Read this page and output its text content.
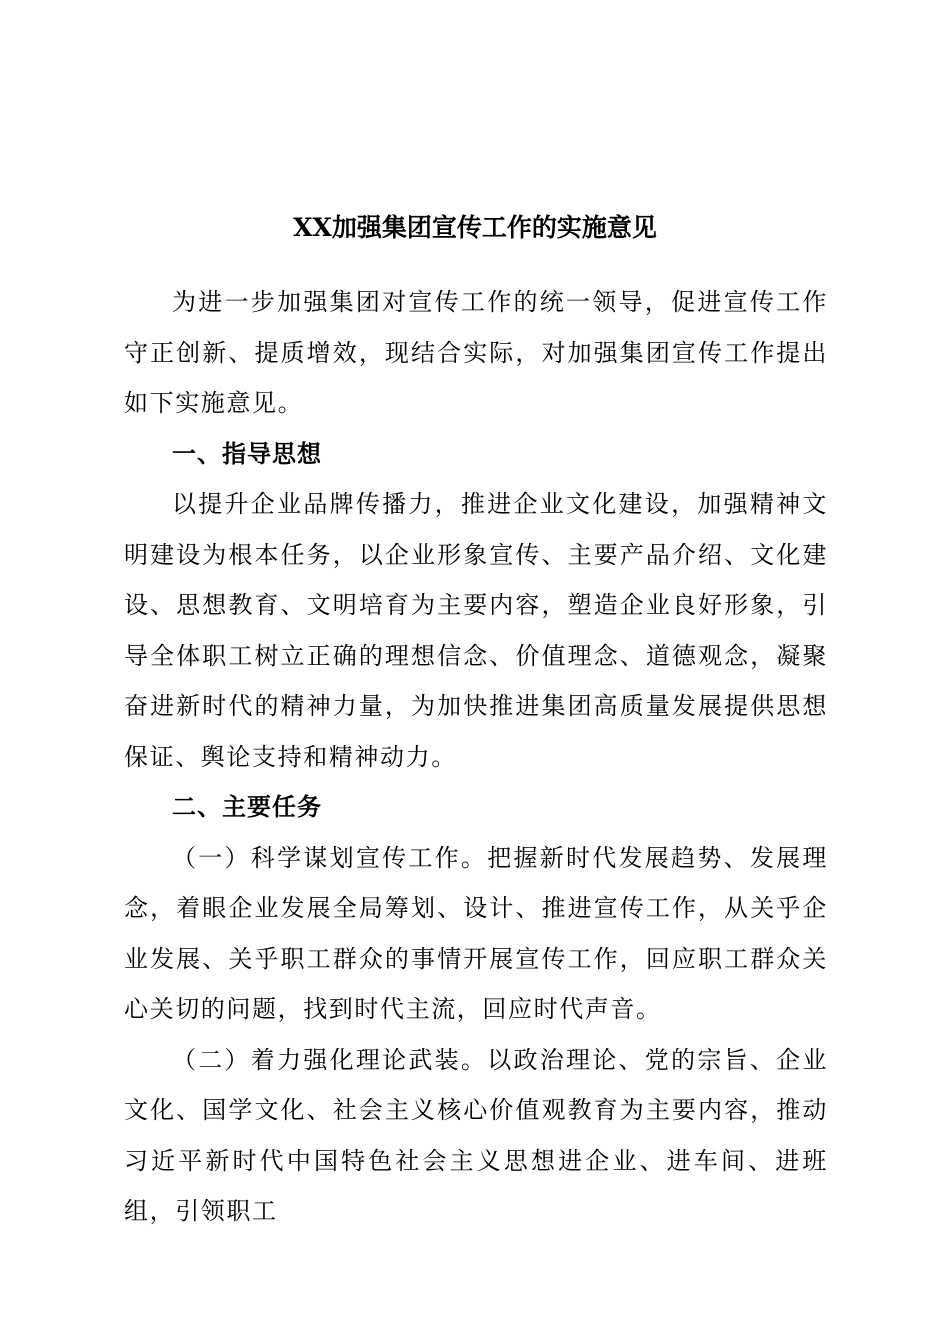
XX加强集团宣传工作的实施意见

为进一步加强集团对宣传工作的统一领导，促进宣传工作守正创新、提质增效，现结合实际，对加强集团宣传工作提出如下实施意见。

一、指导思想

以提升企业品牌传播力，推进企业文化建设，加强精神文明建设为根本任务，以企业形象宣传、主要产品介绍、文化建设、思想教育、文明培育为主要内容，塑造企业良好形象，引导全体职工树立正确的理想信念、价值理念、道德观念，凝聚奋进新时代的精神力量，为加快推进集团高质量发展提供思想保证、舆论支持和精神动力。

二、主要任务

（一）科学谋划宣传工作。把握新时代发展趋势、发展理念，着眼企业发展全局筹划、设计、推进宣传工作，从关乎企业发展、关乎职工群众的事情开展宣传工作，回应职工群众关心关切的问题，找到时代主流，回应时代声音。

（二）着力强化理论武装。以政治理论、党的宗旨、企业文化、国学文化、社会主义核心价值观教育为主要内容，推动习近平新时代中国特色社会主义思想进企业、进车间、进班组，引领职工
